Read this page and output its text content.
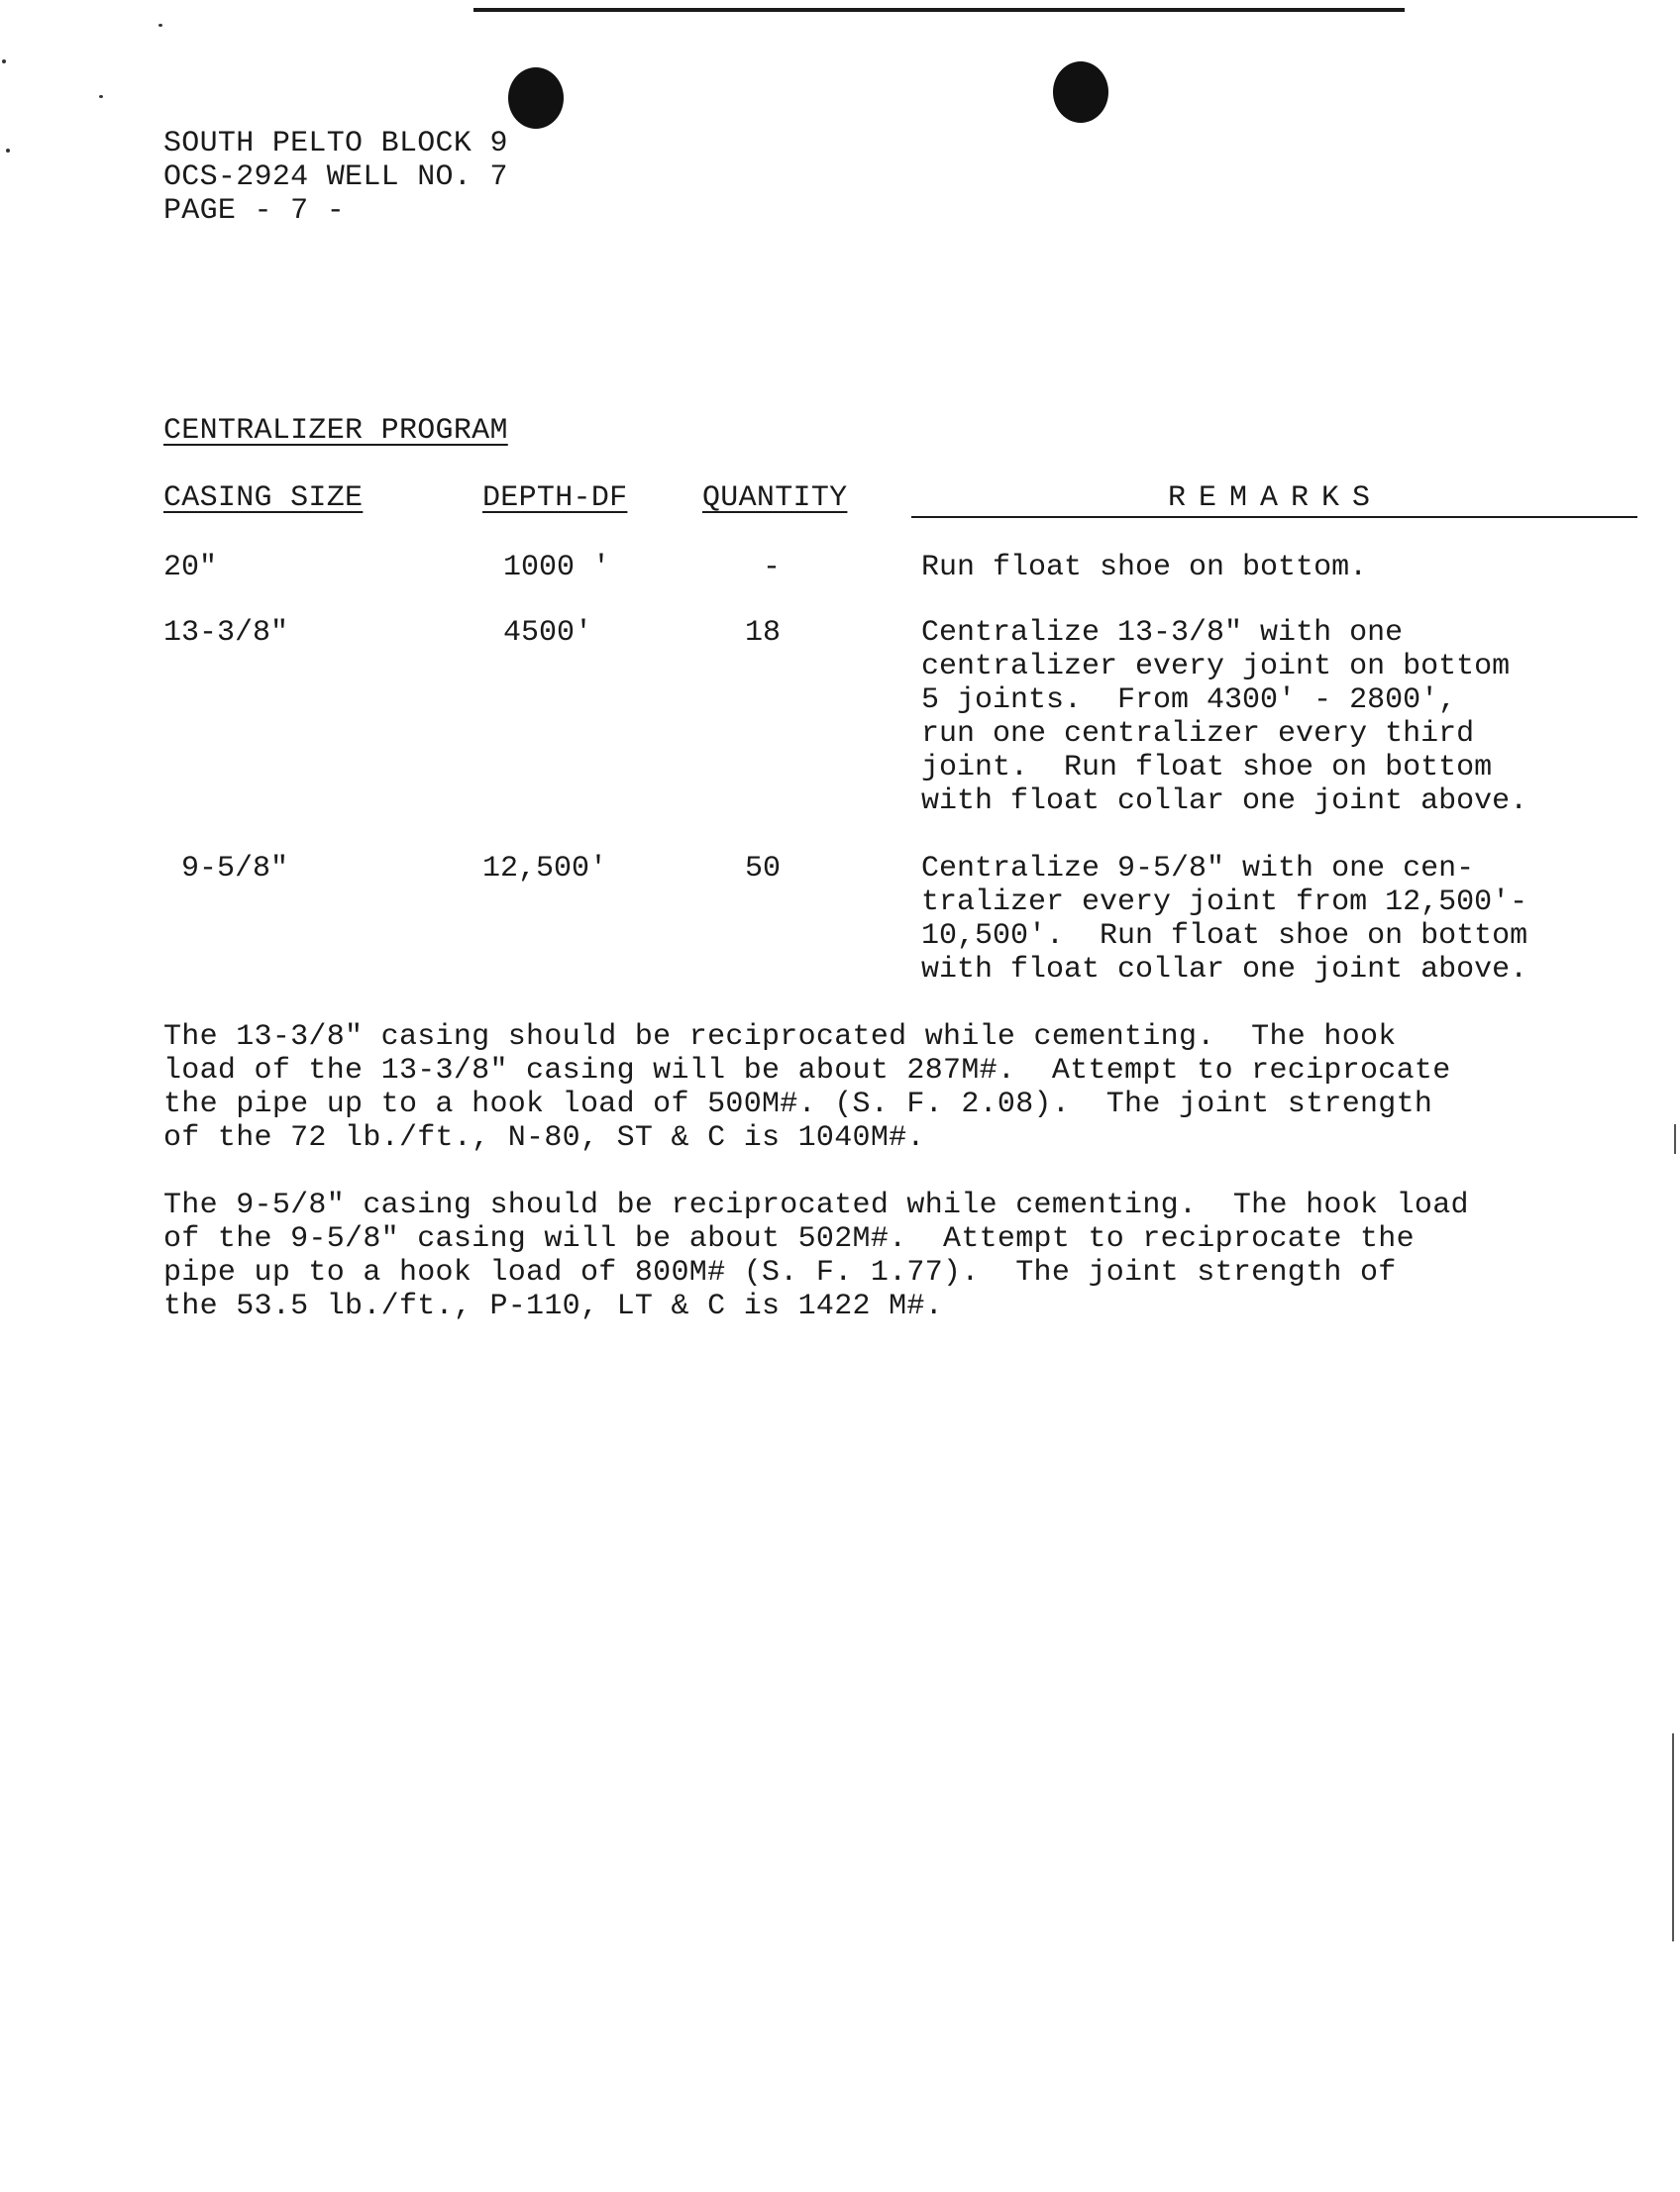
SOUTH PELTO BLOCK 9
OCS-2924 WELL NO. 7
PAGE - 7 -
CENTRALIZER PROGRAM
CASING SIZE	DEPTH-DF	QUANTITY	REMARKS
20"	1000 '	-	Run float shoe on bottom.
13-3/8"	4500'	18	Centralize 13-3/8" with one
centralizer every joint on bottom
5 joints.  From 4300' - 2800',
run one centralizer every third
joint.  Run float shoe on bottom
with float collar one joint above.
9-5/8"	12,500'	50	Centralize 9-5/8" with one cen-
tralizer every joint from 12,500'-
10,500'.  Run float shoe on bottom
with float collar one joint above.
The 13-3/8" casing should be reciprocated while cementing.  The hook
load of the 13-3/8" casing will be about 287M#.  Attempt to reciprocate
the pipe up to a hook load of 500M#. (S. F. 2.08).  The joint strength
of the 72 lb./ft., N-80, ST & C is 1040M#.
The 9-5/8" casing should be reciprocated while cementing.  The hook load
of the 9-5/8" casing will be about 502M#.  Attempt to reciprocate the
pipe up to a hook load of 800M# (S. F. 1.77).  The joint strength of
the 53.5 lb./ft., P-110, LT & C is 1422 M#.
